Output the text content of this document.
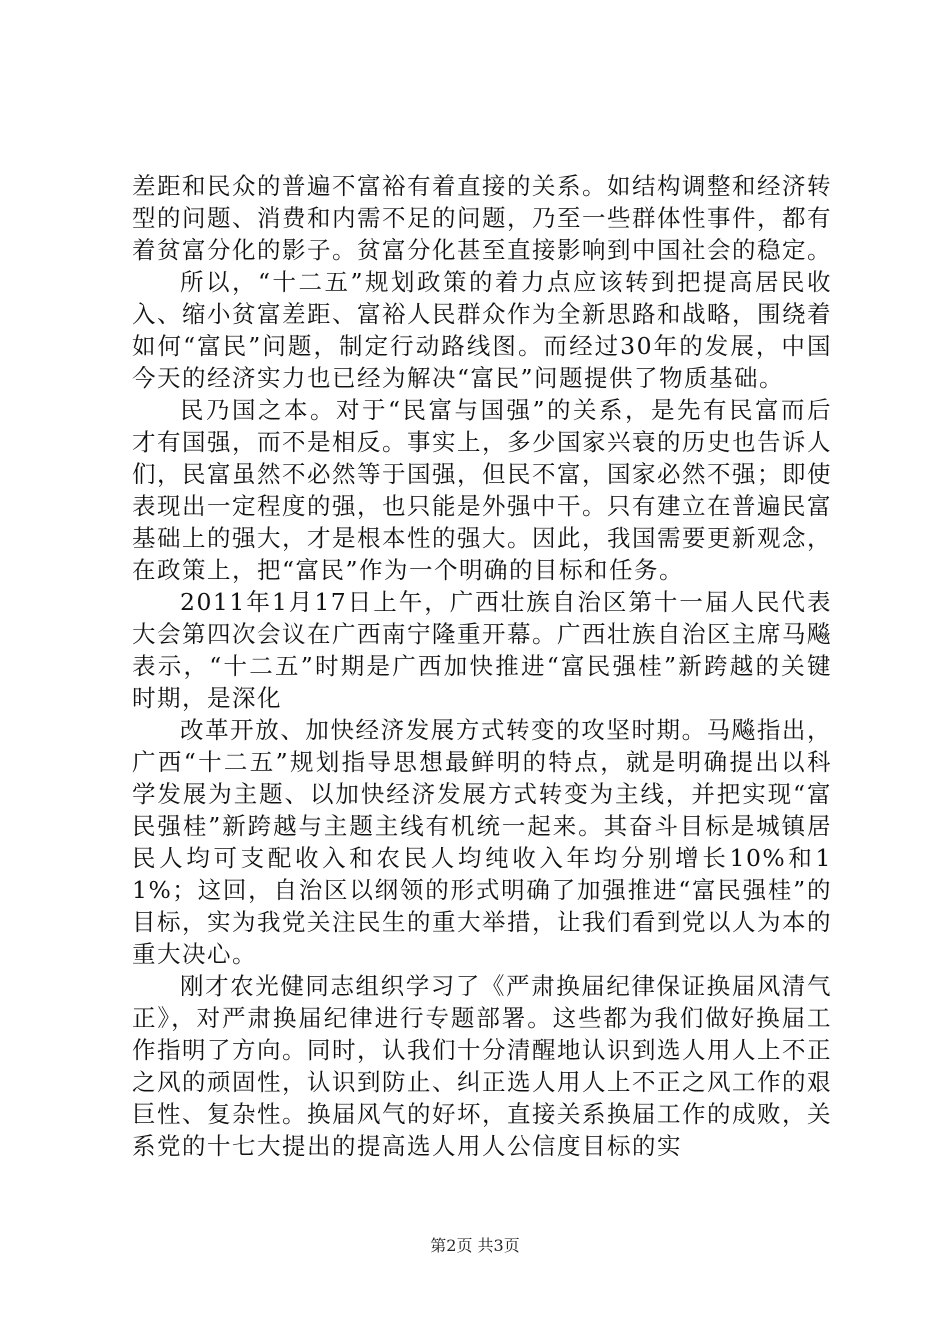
差距和民众的普遍不富裕有着直接的关系。如结构调整和经济转型的问题、消费和内需不足的问题，乃至一些群体性事件，都有着贫富分化的影子。贫富分化甚至直接影响到中国社会的稳定。

所以，“十二五”规划政策的着力点应该转到把提高居民收入、缩小贫富差距、富裕人民群众作为全新思路和战略，围绕着如何“富民”问题，制定行动路线图。而经过30年的发展，中国今天的经济实力也已经为解决“富民”问题提供了物质基础。

民乃国之本。对于“民富与国强”的关系，是先有民富而后才有国强，而不是相反。事实上，多少国家兴衰的历史也告诉人们，民富虽然不必然等于国强，但民不富，国家必然不强；即使表现出一定程度的强，也只能是外强中干。只有建立在普遍民富基础上的强大，才是根本性的强大。因此，我国需要更新观念，在政策上，把“富民”作为一个明确的目标和任务。

2011年1月17日上午，广西壮族自治区第十一届人民代表大会第四次会议在广西南宁隆重开幕。广西壮族自治区主席马飚表示，“十二五”时期是广西加快推进“富民强桂”新跨越的关键时期，是深化

改革开放、加快经济发展方式转变的攻坚时期。马飚指出，广西“十二五”规划指导思想最鲜明的特点，就是明确提出以科学发展为主题、以加快经济发展方式转变为主线，并把实现“富民强桂”新跨越与主题主线有机统一起来。其奋斗目标是城镇居民人均可支配收入和农民人均纯收入年均分别增长10%和11%；这回，自治区以纲领的形式明确了加强推进“富民强桂”的目标，实为我党关注民生的重大举措，让我们看到党以人为本的重大决心。

刚才农光健同志组织学习了《严肃换届纪律保证换届风清气正》，对严肃换届纪律进行专题部署。这些都为我们做好换届工作指明了方向。同时，认我们十分清醒地认识到选人用人上不正之风的顽固性，认识到防止、纠正选人用人上不正之风工作的艰巨性、复杂性。换届风气的好坏，直接关系换届工作的成败，关系党的十七大提出的提高选人用人公信度目标的实

第2页 共3页
